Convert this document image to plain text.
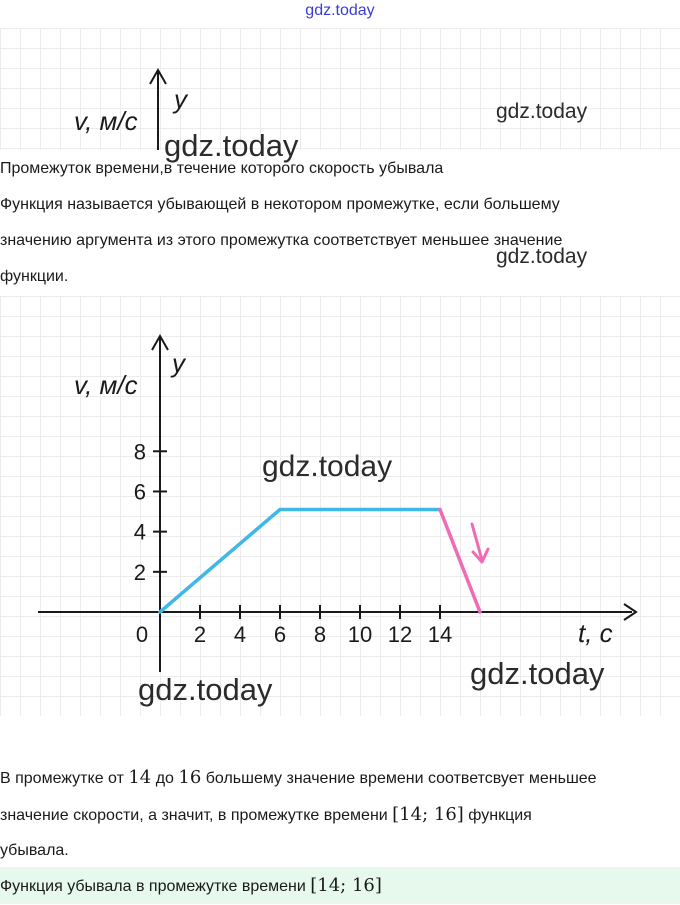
gdz.today
y
v, м/с
gdz.today
gdz.today

Промежуток времени,в течение которого скорость убывала

Функция называется убывающей в некотором промежутке, если большему

значению аргумента из этого промежутка соответствует меньшее значение

функции.

gdz.today
2 4 6 8 10 12 14
2
4
6
8
0
y
v, м/с
t, с
gdz.today
gdz.today
gdz.today

В промежутке от 14 до 16 большему значение времени соответсвует меньшее

значение скорости, а значит, в промежутке времени [14; 16] функция

убывала.

Функция убывала в промежутке времени [14; 16]
